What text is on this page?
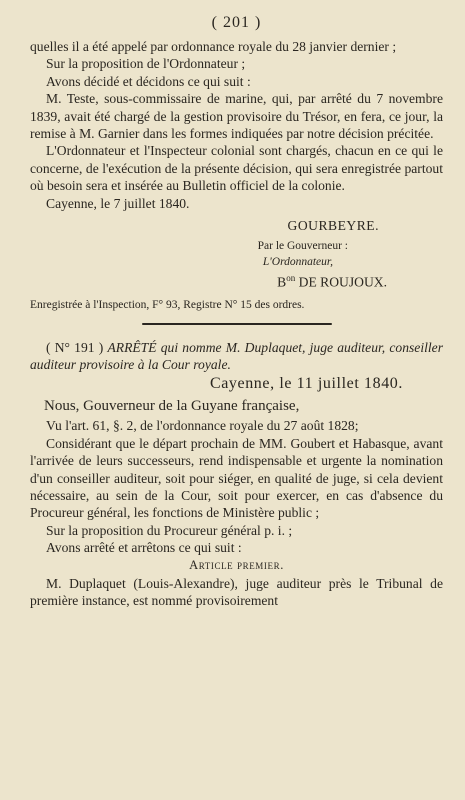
( 201 )

quelles il a été appelé par ordonnance royale du 28 janvier dernier ;

Sur la proposition de l'Ordonnateur ;

Avons décidé et décidons ce qui suit :

M. Teste, sous-commissaire de marine, qui, par arrêté du 7 novembre 1839, avait été chargé de la gestion provisoire du Trésor, en fera, ce jour, la remise à M. Garnier dans les formes indiquées par notre décision précitée.

L'Ordonnateur et l'Inspecteur colonial sont chargés, chacun en ce qui le concerne, de l'exécution de la présente décision, qui sera enregistrée partout où besoin sera et insérée au Bulletin officiel de la colonie.

Cayenne, le 7 juillet 1840.

GOURBEYRE.
Par le Gouverneur :
L'Ordonnateur,
$B^{on}$ DE ROUJOUX.
Enregistrée à l'Inspection, F° 93, Registre N° 15 des ordres.

( N° 191 ) ARRÊTÉ qui nomme M. Duplaquet, juge auditeur, conseiller auditeur provisoire à la Cour royale.

Cayenne, le 11 juillet 1840.

Nous, Gouverneur de la Guyane française,

Vu l'art. 61, §. 2, de l'ordonnance royale du 27 août 1828;

Considérant que le départ prochain de MM. Goubert et Habasque, avant l'arrivée de leurs successeurs, rend indispensable et urgente la nomination d'un conseiller auditeur, soit pour siéger, en qualité de juge, si cela devient nécessaire, au sein de la Cour, soit pour exercer, en cas d'absence du Procureur général, les fonctions de Ministère public ;

Sur la proposition du Procureur général p. i. ;

Avons arrêté et arrêtons ce qui suit :

Article premier.

M. Duplaquet (Louis-Alexandre), juge auditeur près le Tribunal de première instance, est nommé provisoirement
